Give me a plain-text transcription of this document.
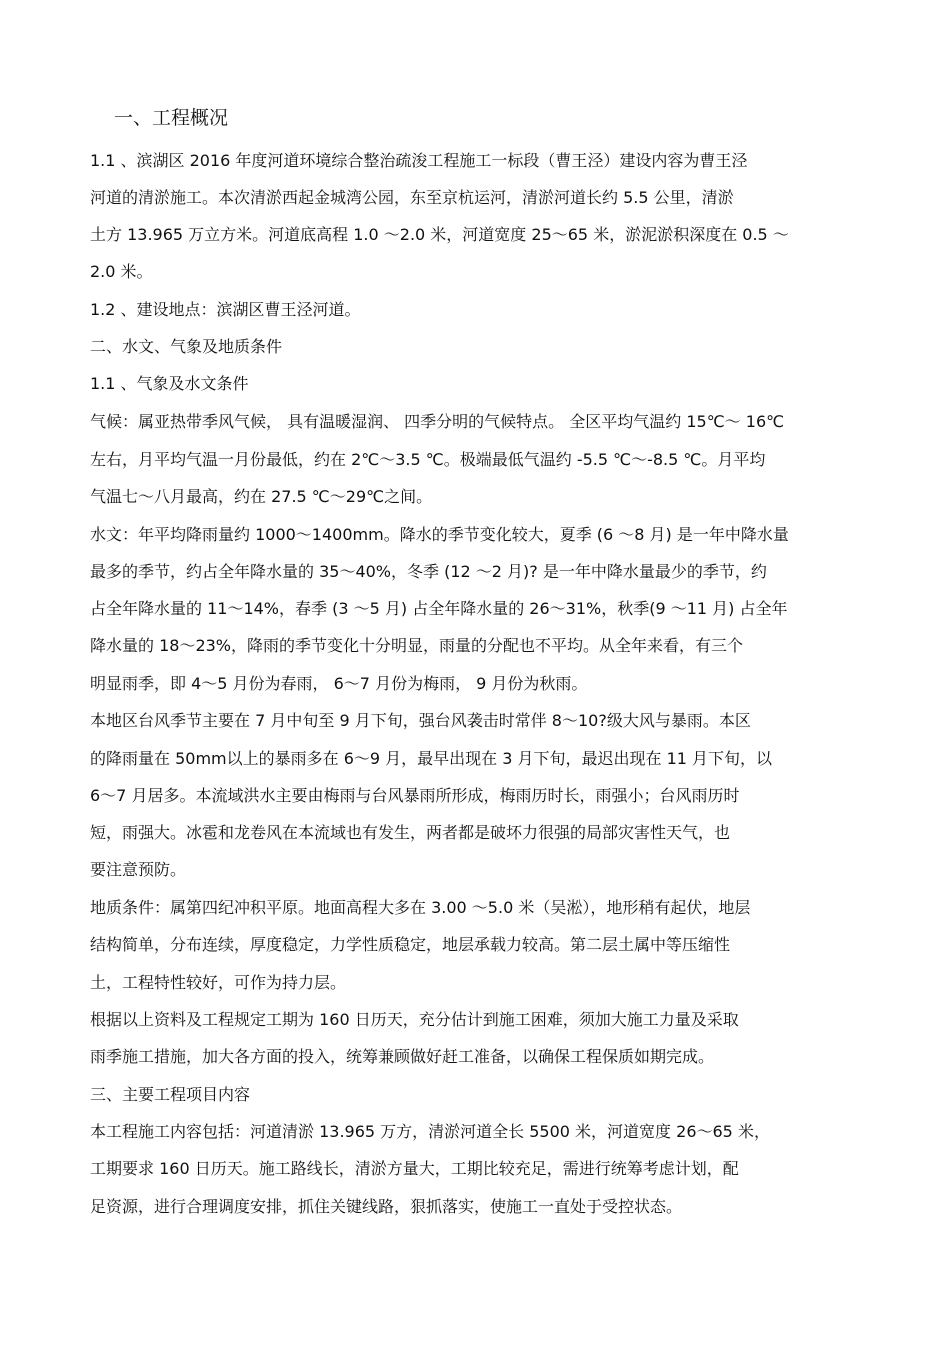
一、工程概况
1.1 、滨湖区 2016 年度河道环境综合整治疏浚工程施工一标段（曹王泾）建设内容为曹王泾
河道的清淤施工。本次清淤西起金城湾公园，东至京杭运河，清淤河道长约 5.5 公里，清淤
土方 13.965 万立方米。河道底高程 1.0 ～2.0 米，河道宽度 25～65 米，淤泥淤积深度在 0.5 ～
2.0 米。
1.2 、建设地点：滨湖区曹王泾河道。
二、水文、气象及地质条件
1.1 、气象及水文条件
气候：属亚热带季风气候， 具有温暖湿润、 四季分明的气候特点。 全区平均气温约 15℃～ 16℃
左右，月平均气温一月份最低，约在 2℃～3.5 ℃。极端最低气温约 -5.5 ℃～-8.5 ℃。月平均
气温七～八月最高，约在 27.5 ℃～29℃之间。
水文：年平均降雨量约 1000～1400mm。降水的季节变化较大，夏季 (6 ～8 月) 是一年中降水量
最多的季节，约占全年降水量的 35～40%，冬季 (12 ～2 月)? 是一年中降水量最少的季节，约
占全年降水量的 11～14%，春季 (3 ～5 月) 占全年降水量的 26～31%，秋季(9 ～11 月) 占全年
降水量的 18～23%，降雨的季节变化十分明显，雨量的分配也不平均。从全年来看，有三个
明显雨季，即 4～5 月份为春雨， 6～7 月份为梅雨， 9 月份为秋雨。
本地区台风季节主要在 7 月中旬至 9 月下旬，强台风袭击时常伴 8～10?级大风与暴雨。本区
的降雨量在 50mm以上的暴雨多在 6～9 月，最早出现在 3 月下旬，最迟出现在 11 月下旬，以
6～7 月居多。本流域洪水主要由梅雨与台风暴雨所形成，梅雨历时长，雨强小；台风雨历时
短，雨强大。冰雹和龙卷风在本流域也有发生，两者都是破坏力很强的局部灾害性天气，也
要注意预防。
地质条件：属第四纪冲积平原。地面高程大多在 3.00 ～5.0 米（吴淞），地形稍有起伏，地层
结构简单，分布连续，厚度稳定，力学性质稳定，地层承载力较高。第二层土属中等压缩性
土，工程特性较好，可作为持力层。
根据以上资料及工程规定工期为 160 日历天，充分估计到施工困难，须加大施工力量及采取
雨季施工措施，加大各方面的投入，统筹兼顾做好赶工准备，以确保工程保质如期完成。
三、主要工程项目内容
本工程施工内容包括：河道清淤 13.965 万方，清淤河道全长 5500 米，河道宽度 26～65 米，
工期要求 160 日历天。施工路线长，清淤方量大，工期比较充足，需进行统筹考虑计划，配
足资源，进行合理调度安排，抓住关键线路，狠抓落实，使施工一直处于受控状态。
